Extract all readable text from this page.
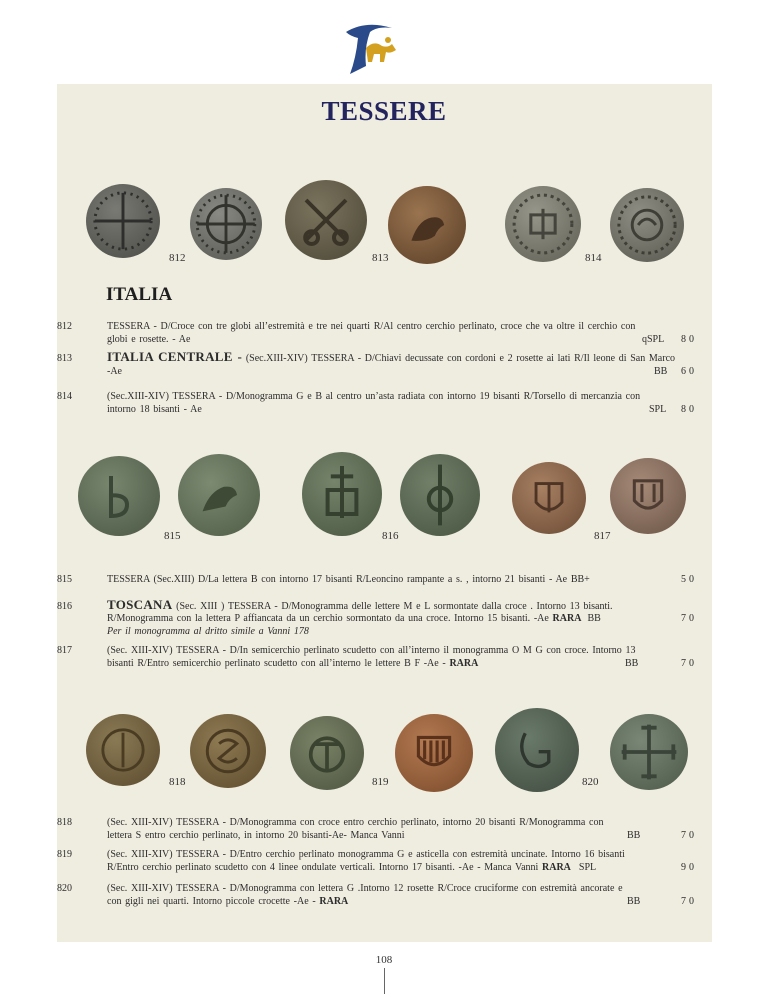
TESSERE
812	813	814
ITALIA
812	TESSERA - D/Croce con tre globi all’estremità e tre nei quarti R/Al centro cerchio perlinato, croce che va oltre il cerchio con
globi e rosette. - Ae	qSPL 80
813	ITALIA CENTRALE - (Sec.XIII-XIV) TESSERA - D/Chiavi decussate con cordoni e 2 rosette ai lati R/Il leone di San Marco
-Ae	BB 60
814	(Sec.XIII-XIV) TESSERA - D/Monogramma G e B al centro un’asta radiata con intorno 19 bisanti R/Torsello di mercanzia con
intorno 18 bisanti - Ae	SPL 80
815	816	817
815	TESSERA (Sec.XIII) D/La lettera B con intorno 17 bisanti R/Leoncino rampante a s. , intorno 21 bisanti - Ae BB+	50
816	TOSCANA (Sec. XIII ) TESSERA - D/Monogramma delle lettere M e L sormontate dalla croce . Intorno 13 bisanti.
R/Monogramma con la lettera P affiancata da un cerchio sormontato da una croce. Intorno 15 bisanti. -Ae RARA BB
Per il monogramma al dritto simile a Vanni 178
70
817	(Sec. XIII-XIV) TESSERA - D/In semicerchio perlinato scudetto con all’interno il monogramma O M G con croce. Intorno 13
bisanti R/Entro semicerchio perlinato scudetto con all’interno le lettere B F -Ae - RARA	BB	70
818	819	820
818	(Sec. XIII-XIV) TESSERA - D/Monogramma con croce entro cerchio perlinato, intorno 20 bisanti R/Monogramma con
lettera S entro cerchio perlinato, in intorno 20 bisanti-Ae- Manca Vanni	BB	70
819	(Sec. XIII-XIV) TESSERA - D/Entro cerchio perlinato monogramma G e asticella con estremità uncinate. Intorno 16 bisanti
R/Entro cerchio perlinato scudetto con 4 linee ondulate verticali. Intorno 17 bisanti. -Ae - Manca Vanni RARA SPL	90
820	(Sec. XIII-XIV) TESSERA - D/Monogramma con lettera G .Intorno 12 rosette R/Croce cruciforme con estremità ancorate e
con gigli nei quarti. Intorno piccole crocette -Ae - RARA	BB	70
108
